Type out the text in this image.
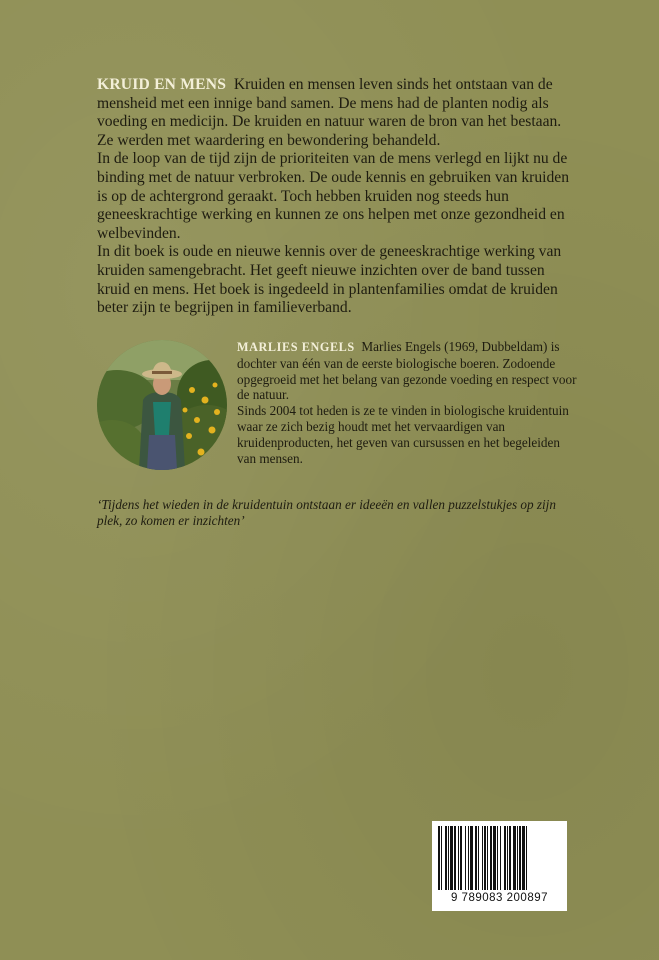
KRUID EN MENS Kruiden en mensen leven sinds het ontstaan van de mensheid met een innige band samen. De mens had de planten nodig als voeding en medicijn. De kruiden en natuur waren de bron van het bestaan. Ze werden met waardering en bewondering behandeld.

In de loop van de tijd zijn de prioriteiten van de mens verlegd en lijkt nu de binding met de natuur verbroken. De oude kennis en gebruiken van kruiden is op de achtergrond geraakt. Toch hebben kruiden nog steeds hun geneeskrachtige werking en kunnen ze ons helpen met onze gezondheid en welbevinden.

In dit boek is oude en nieuwe kennis over de geneeskrachtige werking van kruiden samengebracht. Het geeft nieuwe inzichten over de band tussen kruid en mens. Het boek is ingedeeld in plantenfamilies omdat de kruiden beter zijn te begrijpen in familieverband.

MARLIES ENGELS Marlies Engels (1969, Dubbeldam) is dochter van één van de eerste biologische boeren. Zodoende opgegroeid met het belang van gezonde voeding en respect voor de natuur.

Sinds 2004 tot heden is ze te vinden in biologische kruidentuin waar ze zich bezig houdt met het vervaardigen van kruidenproducten, het geven van cursussen en het begeleiden van mensen.

‘Tijdens het wieden in de kruidentuin ontstaan er ideeën en vallen puzzelstukjes op zijn plek, zo komen er inzichten’

9 789083 200897
